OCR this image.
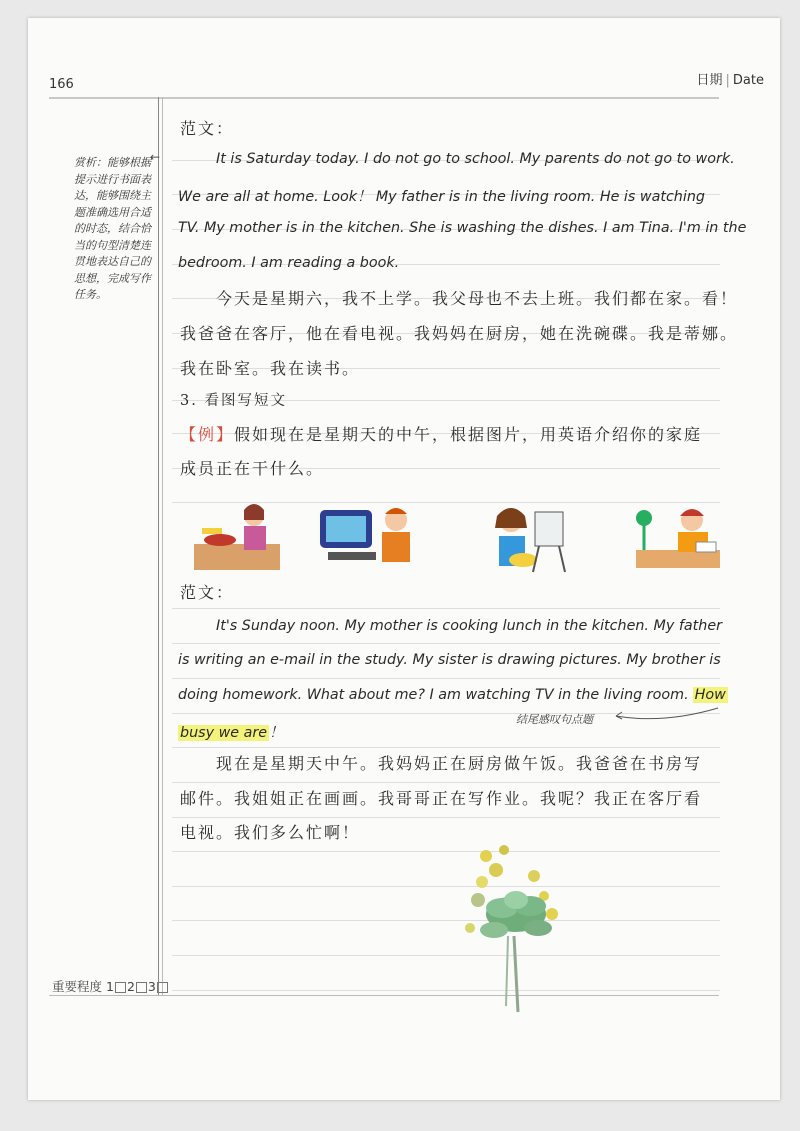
166	日期 | Date
←
赏析：能够根据提示进行书面表达，能够围绕主题准确选用合适的时态，结合恰当的句型清楚连贯地表达自己的思想，完成写作任务。
范文：
It is Saturday today. I do not go to school. My parents do not go to work.
We are all at home. Look！ My father is in the living room. He is watching
TV. My mother is in the kitchen. She is washing the dishes. I am Tina. I'm in the
bedroom. I am reading a book.
今天是星期六，我不上学。我父母也不去上班。我们都在家。看！
我爸爸在客厅，他在看电视。我妈妈在厨房，她在洗碗碟。我是蒂娜。
我在卧室。我在读书。
3. 看图写短文
【例】假如现在是星期天的中午，根据图片，用英语介绍你的家庭
成员正在干什么。
范文：
It's Sunday noon. My mother is cooking lunch in the kitchen. My father
is writing an e-mail in the study. My sister is drawing pictures. My brother is
doing homework. What about me? I am watching TV in the living room. How
busy we are ！
结尾感叹句点题
现在是星期天中午。我妈妈正在厨房做午饭。我爸爸在书房写
邮件。我姐姐正在画画。我哥哥正在写作业。我呢？我正在客厅看
电视。我们多么忙啊！
重要程度 1 2 3
